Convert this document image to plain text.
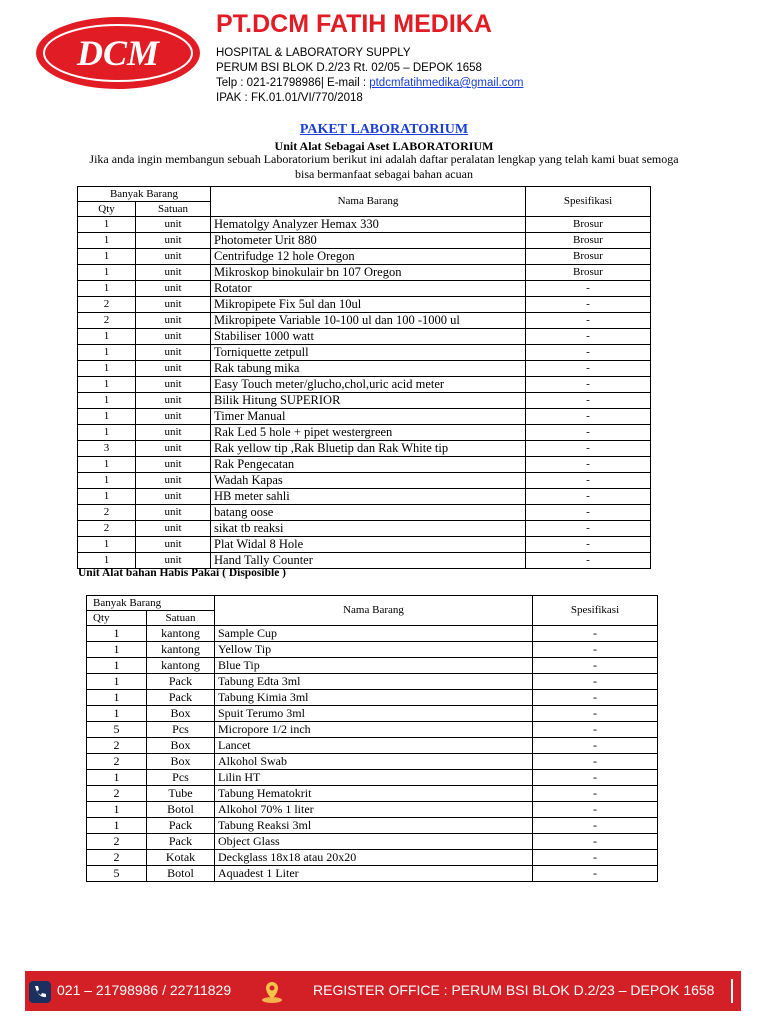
DCM
PT.DCM FATIH MEDIKA
HOSPITAL & LABORATORY SUPPLY
PERUM BSI BLOK D.2/23 Rt. 02/05 – DEPOK 1658
Telp : 021-21798986| E-mail : ptdcmfatihmedika@gmail.com
IPAK : FK.01.01/VI/770/2018
PAKET LABORATORIUM
Unit Alat Sebagai Aset LABORATORIUM
Jika anda ingin membangun sebuah Laboratorium berikut ini adalah daftar peralatan lengkap yang telah kami buat semoga bisa bermanfaat sebagai bahan acuan
Banyak Barang		Nama Barang	Spesifikasi
Qty	Satuan		
1	unit	Hematolgy Analyzer Hemax 330	Brosur
1	unit	Photometer Urit 880	Brosur
1	unit	Centrifudge 12 hole Oregon	Brosur
1	unit	Mikroskop binokulair bn 107 Oregon	Brosur
1	unit	Rotator	-
2	unit	Mikropipete Fix 5ul dan 10ul	-
2	unit	Mikropipete Variable 10-100 ul dan 100 -1000 ul	-
1	unit	Stabiliser 1000 watt	-
1	unit	Torniquette zetpull	-
1	unit	Rak tabung mika	-
1	unit	Easy Touch meter/glucho,chol,uric acid meter	-
1	unit	Bilik Hitung SUPERIOR	-
1	unit	Timer Manual	-
1	unit	Rak Led 5 hole + pipet westergreen	-
3	unit	Rak yellow tip ,Rak Bluetip dan Rak White tip	-
1	unit	Rak Pengecatan	-
1	unit	Wadah Kapas	-
1	unit	HB meter sahli	-
2	unit	batang oose	-
2	unit	sikat tb reaksi	-
1	unit	Plat Widal 8 Hole	-
1	unit	Hand Tally Counter	-
Unit Alat bahan Habis Pakai ( Disposible )
Banyak Barang		Nama Barang	Spesifikasi
Qty	Satuan		
1	kantong	Sample Cup	-
1	kantong	Yellow Tip	-
1	kantong	Blue Tip	-
1	Pack	Tabung Edta 3ml	-
1	Pack	Tabung Kimia 3ml	-
1	Box	Spuit Terumo 3ml	-
5	Pcs	Micropore 1/2 inch	-
2	Box	Lancet	-
2	Box	Alkohol Swab	-
1	Pcs	Lilin HT	-
2	Tube	Tabung Hematokrit	-
1	Botol	Alkohol 70% 1 liter	-
1	Pack	Tabung Reaksi 3ml	-
2	Pack	Object Glass	-
2	Kotak	Deckglass 18x18 atau 20x20	-
5	Botol	Aquadest 1 Liter	-
021 – 21798986 / 22711829	REGISTER OFFICE : PERUM BSI BLOK D.2/23 – DEPOK 1658
